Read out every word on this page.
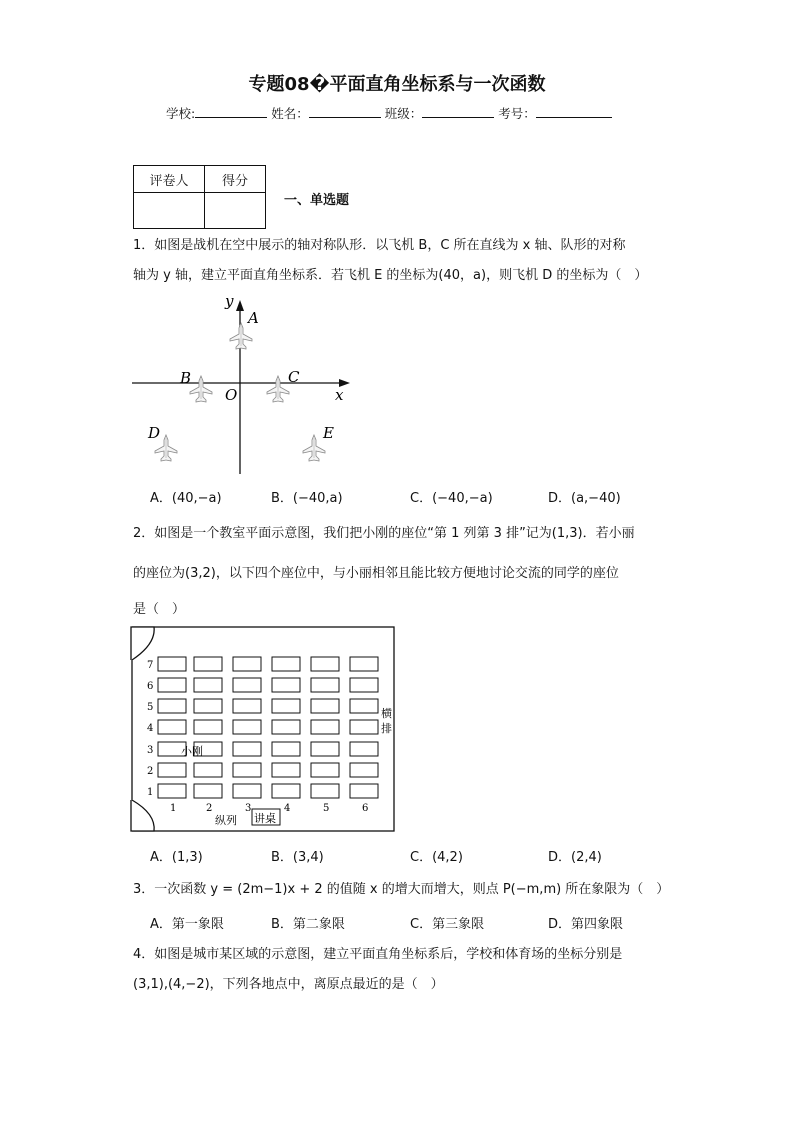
专题08�平面直角坐标系与一次函数
学校:	姓名：	班级：	考号：
评卷人	得分

一、单选题
1．如图是战机在空中展示的轴对称队形．以飞机 B，C 所在直线为 x 轴、队形的对称
轴为 y 轴，建立平面直角坐标系．若飞机 E 的坐标为(40，a)，则飞机 D 的坐标为（　）
y
x
O
A
B	C
D	E
A．(40,−a)	B．(−40,a)	C．(−40,−a)	D．(a,−40)
2．如图是一个教室平面示意图，我们把小刚的座位“第 1 列第 3 排”记为(1,3)．若小丽
的座位为(3,2)，以下四个座位中，与小丽相邻且能比较方便地讨论交流的同学的座位
是（　）
7
6
5
4
3
2
1
1	2	3	4	5	6
小刚
纵列 讲桌
横
排
A．(1,3)	B．(3,4)	C．(4,2)	D．(2,4)
3．一次函数 y = (2m−1)x + 2 的值随 x 的增大而增大，则点 P(−m,m) 所在象限为（　）
A．第一象限	B．第二象限	C．第三象限	D．第四象限
4．如图是城市某区域的示意图，建立平面直角坐标系后，学校和体育场的坐标分别是
(3,1),(4,−2)，下列各地点中，离原点最近的是（　）
